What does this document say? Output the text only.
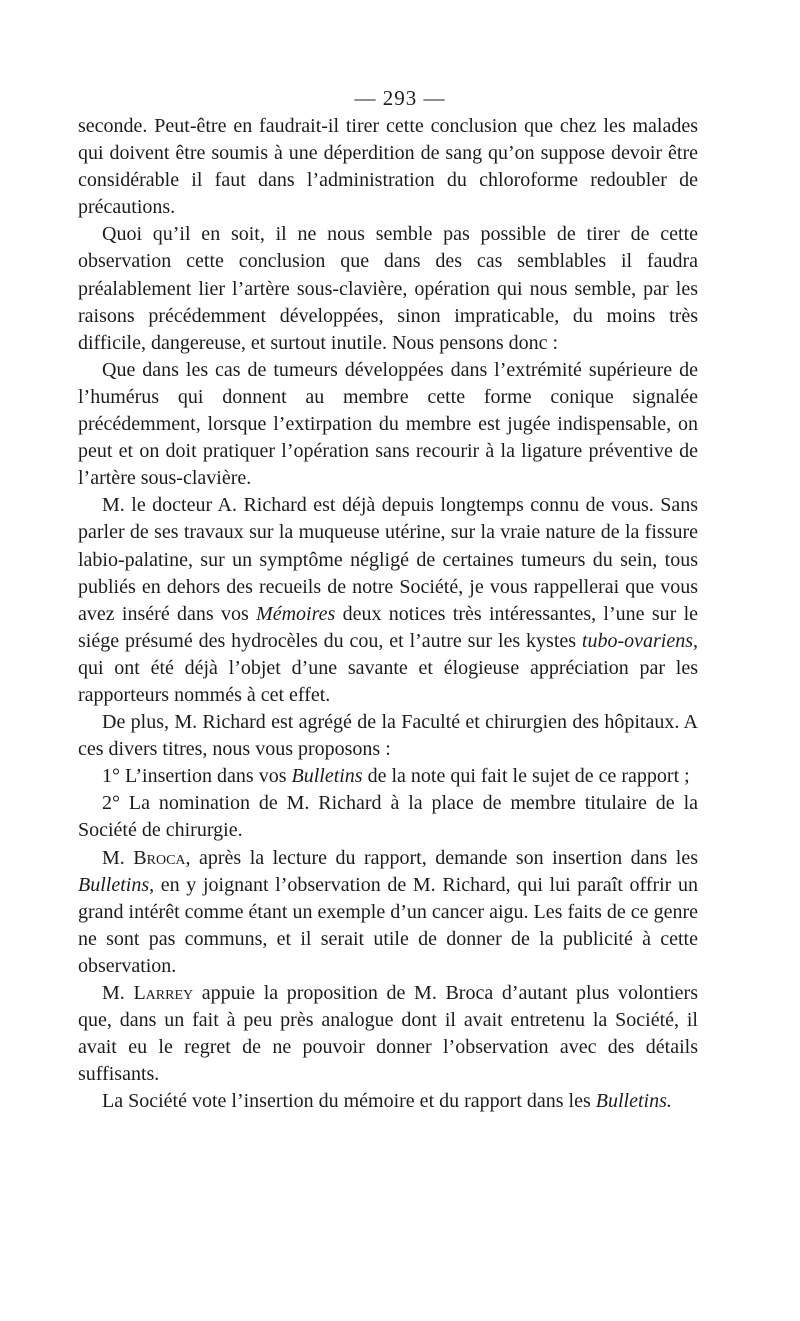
— 293 —

seconde. Peut-être en faudrait-il tirer cette conclusion que chez les malades qui doivent être soumis à une déperdition de sang qu’on suppose devoir être considérable il faut dans l’administration du chloroforme redoubler de précautions.

Quoi qu’il en soit, il ne nous semble pas possible de tirer de cette observation cette conclusion que dans des cas semblables il faudra préalablement lier l’artère sous-clavière, opération qui nous semble, par les raisons précédemment développées, sinon impraticable, du moins très difficile, dangereuse, et surtout inutile. Nous pensons donc :

Que dans les cas de tumeurs développées dans l’extrémité supérieure de l’humérus qui donnent au membre cette forme conique signalée précédemment, lorsque l’extirpation du membre est jugée indispensable, on peut et on doit pratiquer l’opération sans recourir à la ligature préventive de l’artère sous-clavière.

M. le docteur A. Richard est déjà depuis longtemps connu de vous. Sans parler de ses travaux sur la muqueuse utérine, sur la vraie nature de la fissure labio-palatine, sur un symptôme négligé de certaines tumeurs du sein, tous publiés en dehors des recueils de notre Société, je vous rappellerai que vous avez inséré dans vos Mémoires deux notices très intéressantes, l’une sur le siége présumé des hydrocèles du cou, et l’autre sur les kystes tubo-ovariens, qui ont été déjà l’objet d’une savante et élogieuse appréciation par les rapporteurs nommés à cet effet.

De plus, M. Richard est agrégé de la Faculté et chirurgien des hôpitaux. A ces divers titres, nous vous proposons :

1° L’insertion dans vos Bulletins de la note qui fait le sujet de ce rapport ;

2° La nomination de M. Richard à la place de membre titulaire de la Société de chirurgie.

M. Broca, après la lecture du rapport, demande son insertion dans les Bulletins, en y joignant l’observation de M. Richard, qui lui paraît offrir un grand intérêt comme étant un exemple d’un cancer aigu. Les faits de ce genre ne sont pas communs, et il serait utile de donner de la publicité à cette observation.

M. Larrey appuie la proposition de M. Broca d’autant plus volontiers que, dans un fait à peu près analogue dont il avait entretenu la Société, il avait eu le regret de ne pouvoir donner l’observation avec des détails suffisants.

La Société vote l’insertion du mémoire et du rapport dans les Bulletins.
